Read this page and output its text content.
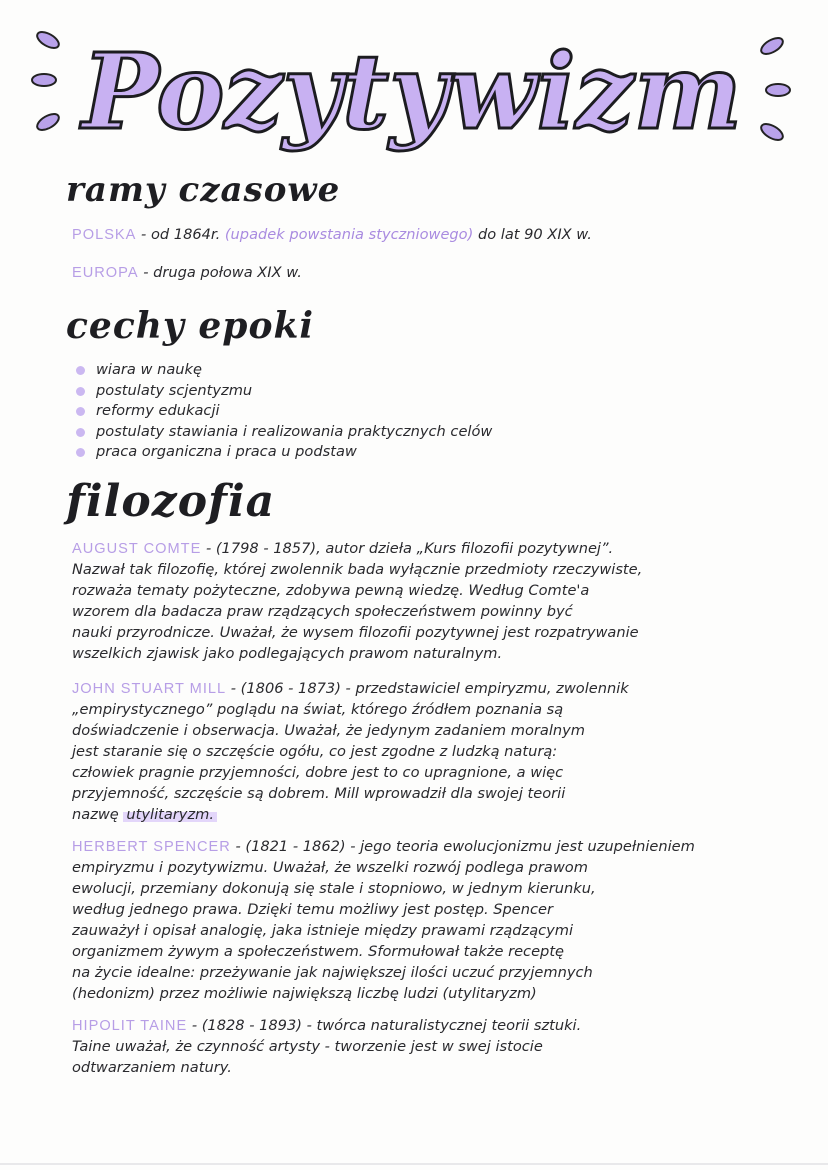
Pozytywizm
ramy czasowe
POLSKA - od 1864r. (upadek powstania styczniowego) do lat 90 XIX w.
EUROPA - druga połowa XIX w.
cechy epoki
wiara w naukę
postulaty scjentyzmu
reformy edukacji
postulaty stawiania i realizowania praktycznych celów
praca organiczna i praca u podstaw
filozofia
AUGUST COMTE - (1798 - 1857), autor dzieła „Kurs filozofii pozytywnej”.
Nazwał tak filozofię, której zwolennik bada wyłącznie przedmioty rzeczywiste,
rozważa tematy pożyteczne, zdobywa pewną wiedzę. Według Comte'a
wzorem dla badacza praw rządzących społeczeństwem powinny być
nauki przyrodnicze. Uważał, że wysem filozofii pozytywnej jest rozpatrywanie
wszelkich zjawisk jako podlegających prawom naturalnym.
JOHN STUART MILL - (1806 - 1873) - przedstawiciel empiryzmu, zwolennik
„empirystycznego” poglądu na świat, którego źródłem poznania są
doświadczenie i obserwacja. Uważał, że jedynym zadaniem moralnym
jest staranie się o szczęście ogółu, co jest zgodne z ludzką naturą:
człowiek pragnie przyjemności, dobre jest to co upragnione, a więc
przyjemność, szczęście są dobrem. Mill wprowadził dla swojej teorii
nazwę utylitaryzm.
HERBERT SPENCER - (1821 - 1862) - jego teoria ewolucjonizmu jest uzupełnieniem
empiryzmu i pozytywizmu. Uważał, że wszelki rozwój podlega prawom
ewolucji, przemiany dokonują się stale i stopniowo, w jednym kierunku,
według jednego prawa. Dzięki temu możliwy jest postęp. Spencer
zauważył i opisał analogię, jaka istnieje między prawami rządzącymi
organizmem żywym a społeczeństwem. Sformułował także receptę
na życie idealne: przeżywanie jak największej ilości uczuć przyjemnych
(hedonizm) przez możliwie największą liczbę ludzi (utylitaryzm)
HIPOLIT TAINE - (1828 - 1893) - twórca naturalistycznej teorii sztuki.
Taine uważał, że czynność artysty - tworzenie jest w swej istocie
odtwarzaniem natury.
